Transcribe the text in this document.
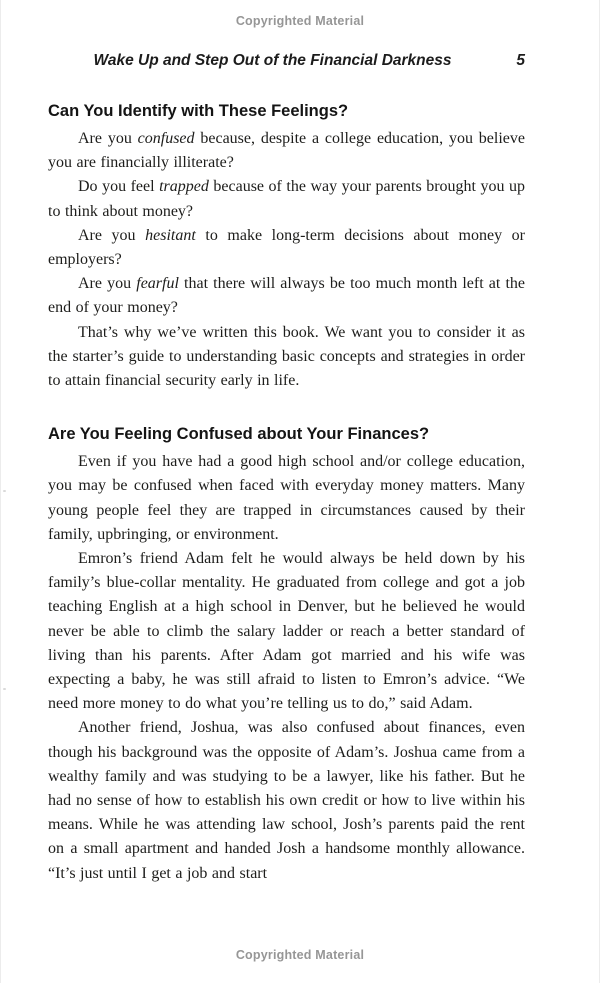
Copyrighted Material
Wake Up and Step Out of the Financial Darkness	5
Can You Identify with These Feelings?

Are you confused because, despite a college education, you believe you are financially illiterate?

Do you feel trapped because of the way your parents brought you up to think about money?

Are you hesitant to make long-term decisions about money or employers?

Are you fearful that there will always be too much month left at the end of your money?

That’s why we’ve written this book. We want you to consider it as the starter’s guide to understanding basic concepts and strategies in order to attain financial security early in life.

Are You Feeling Confused about Your Finances?

Even if you have had a good high school and/or college education, you may be confused when faced with everyday money matters. Many young people feel they are trapped in circumstances caused by their family, upbringing, or environment.

Emron’s friend Adam felt he would always be held down by his family’s blue-collar mentality. He graduated from college and got a job teaching English at a high school in Denver, but he believed he would never be able to climb the salary ladder or reach a better standard of living than his parents. After Adam got married and his wife was expecting a baby, he was still afraid to listen to Emron’s advice. “We need more money to do what you’re telling us to do,” said Adam.

Another friend, Joshua, was also confused about finances, even though his background was the opposite of Adam’s. Joshua came from a wealthy family and was studying to be a lawyer, like his father. But he had no sense of how to establish his own credit or how to live within his means. While he was attending law school, Josh’s parents paid the rent on a small apartment and handed Josh a handsome monthly allowance. “It’s just until I get a job and start

Copyrighted Material
